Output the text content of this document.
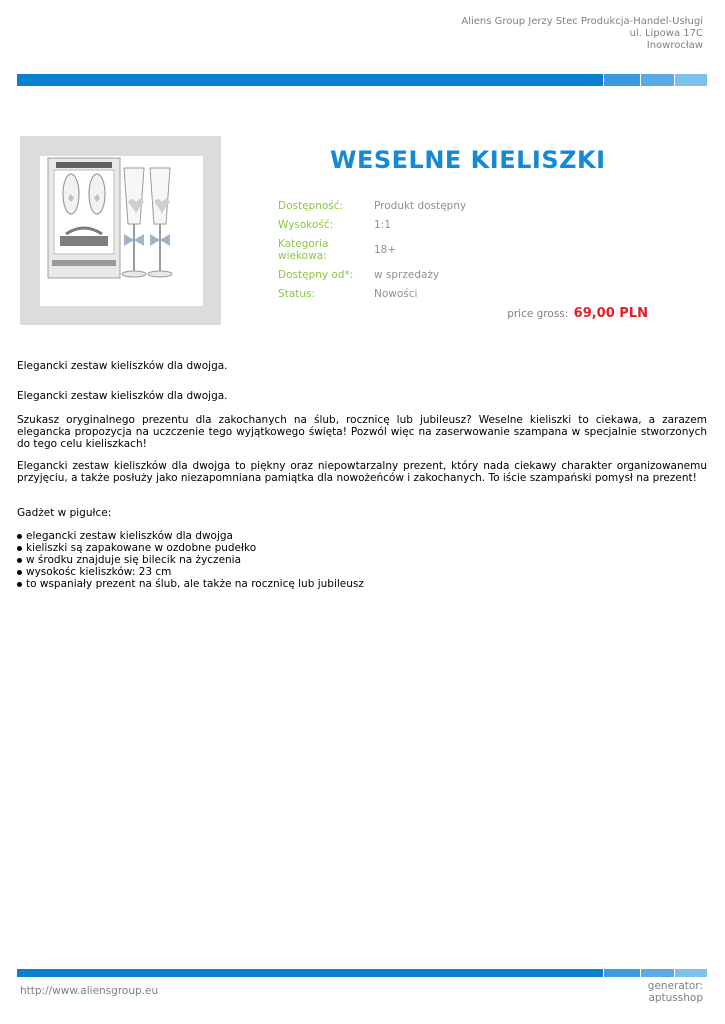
Aliens Group Jerzy Stec Produkcja-Handel-Usługi
ul. Lipowa 17C
Inowrocław
WESELNE KIELISZKI
Dostępność:	Produkt dostępny
Wysokość:	1:1
Kategoria wiekowa:	18+
Dostępny od*:	w sprzedaży
Status:	Nowości
price gross: 69,00 PLN

Elegancki zestaw kieliszków dla dwojga.

Elegancki zestaw kieliszków dla dwojga.

Szukasz oryginalnego prezentu dla zakochanych na ślub, rocznicę lub jubileusz? Weselne kieliszki to ciekawa, a zarazem elegancka propozycja na uczczenie tego wyjątkowego święta! Pozwól więc na zaserwowanie szampana w specjalnie stworzonych do tego celu kieliszkach!

Elegancki zestaw kieliszków dla dwojga to piękny oraz niepowtarzalny prezent, który nada ciekawy charakter organizowanemu przyjęciu, a także posłuży jako niezapomniana pamiątka dla nowożeńców i zakochanych. To iście szampański pomysł na prezent!

Gadżet w pigułce:

elegancki zestaw kieliszków dla dwojga
kieliszki są zapakowane w ozdobne pudełko
w środku znajduje się bilecik na życzenia
wysokośc kieliszków: 23 cm
to wspaniały prezent na ślub, ale także na rocznicę lub jubileusz
http://www.aliensgroup.eu	generator:
aptusshop
